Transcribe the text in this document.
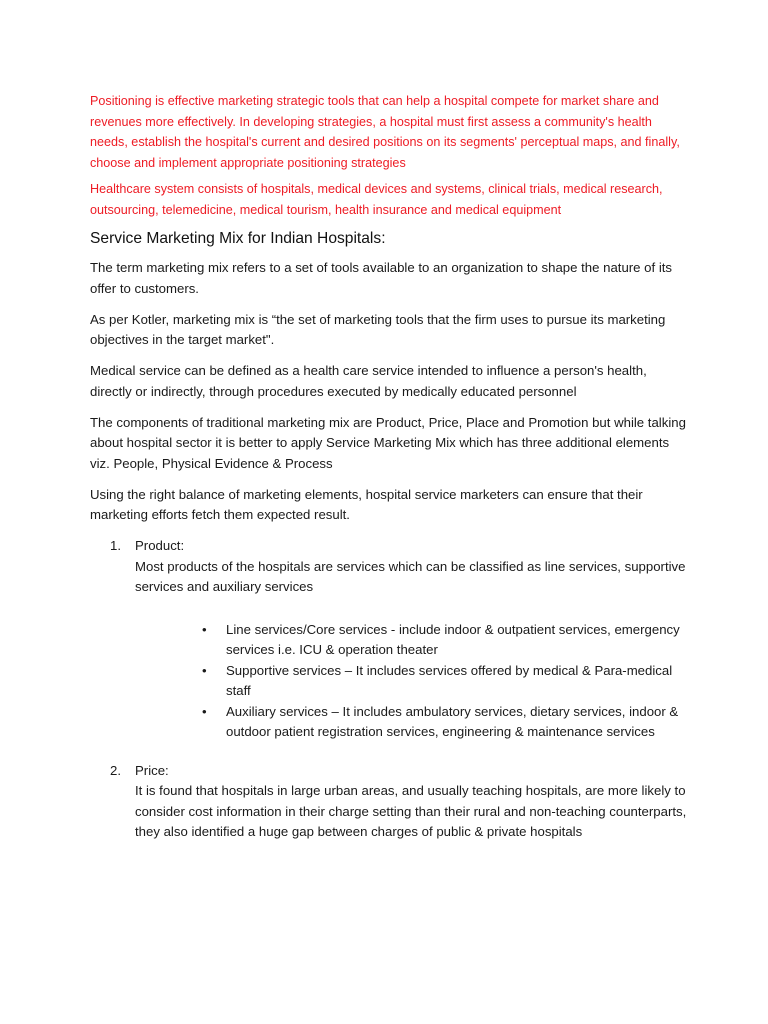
Positioning is effective marketing strategic tools that can help a hospital compete for market share and revenues more effectively. In developing strategies, a hospital must first assess a community's health needs, establish the hospital's current and desired positions on its segments' perceptual maps, and finally, choose and implement appropriate positioning strategies

Healthcare system consists of hospitals, medical devices and systems, clinical trials, medical research, outsourcing, telemedicine, medical tourism, health insurance and medical equipment

Service Marketing Mix for Indian Hospitals:

The term marketing mix refers to a set of tools available to an organization to shape the nature of its offer to customers.

As per Kotler, marketing mix is “the set of marketing tools that the firm uses to pursue its marketing objectives in the target market".

Medical service can be defined as a health care service intended to influence a person's health, directly or indirectly, through procedures executed by medically educated personnel

The components of traditional marketing mix are Product, Price, Place and Promotion but while talking about hospital sector it is better to apply Service Marketing Mix which has three additional elements viz. People, Physical Evidence & Process

Using the right balance of marketing elements, hospital service marketers can ensure that their marketing efforts fetch them expected result.

1. Product:

Most products of the hospitals are services which can be classified as line services, supportive services and auxiliary services

• Line services/Core services - include indoor & outpatient services, emergency services i.e. ICU & operation theater
• Supportive services – It includes services offered by medical & Para-medical staff
• Auxiliary services – It includes ambulatory services, dietary services, indoor & outdoor patient registration services, engineering & maintenance services

2. Price:

It is found that hospitals in large urban areas, and usually teaching hospitals, are more likely to consider cost information in their charge setting than their rural and non-teaching counterparts, they also identified a huge gap between charges of public & private hospitals
